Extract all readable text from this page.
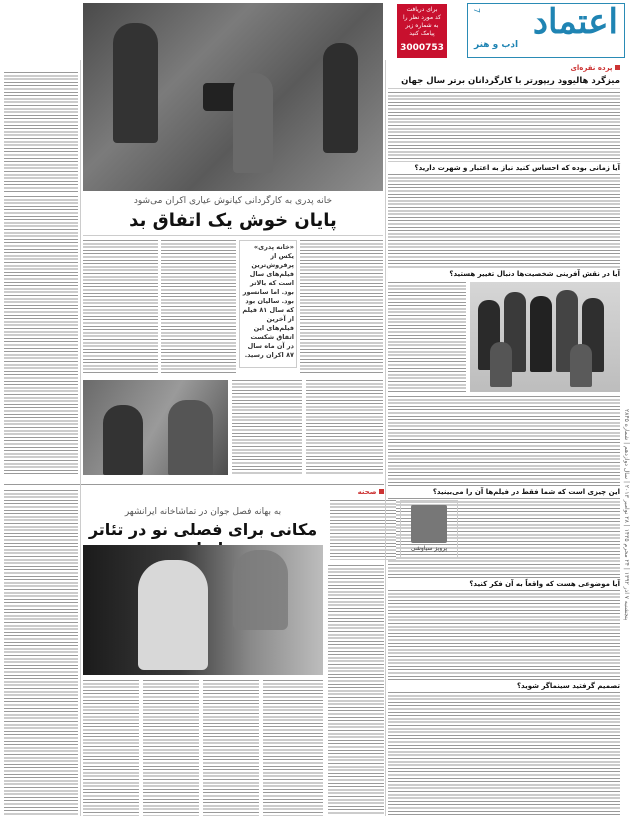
اعتماد
ادب و هنر
7
پنجشنبه ۷ آذر ۱۳۹۲ | ۲۴ محرم ۱۴۳۵ | ۲۸ نوامبر ۲۰۱۳ | سال دوازدهم | شماره ۲۸۴۵
برای دریافت
کد مورد نظر را
به شماره زیر پیامک کنید
3000753
خانه پدری به کارگردانی کیانوش عیاری اکران می‌شود
پایان خوش یک اتفاق بد
«خانه پدری» یکس از پرفروش‌ترین فیلم‌های سال است که بالاتر بود. اما سانسور بود. سالیان بود که سال ۸۱ فیلم از آخرین فیلم‌های این اتفاق شکست در آن ماه سال ۸۷ اکران رسید.
پرده نقره‌ای
میزگرد هالیوود ریپورتر با کارگردانان برتر سال جهان
آیا زمانی بوده که احساس کنید نیاز به اعتبار و شهرت دارید؟
آیا در نقش آفرینی شخصیت‌ها دنبال تغییر هستید؟
این چیزی است که شما فقط در فیلم‌ها آن را می‌بینید؟
آیا موضوعی هست که واقعاً به آن فکر کنید؟
تصمیم گرفتید سینماگر شوید؟
صحنه
پرویز سیاوشی
به بهانه فصل جوان در تماشاخانه ایرانشهر
مکانی برای فصلی نو در تئاتر
